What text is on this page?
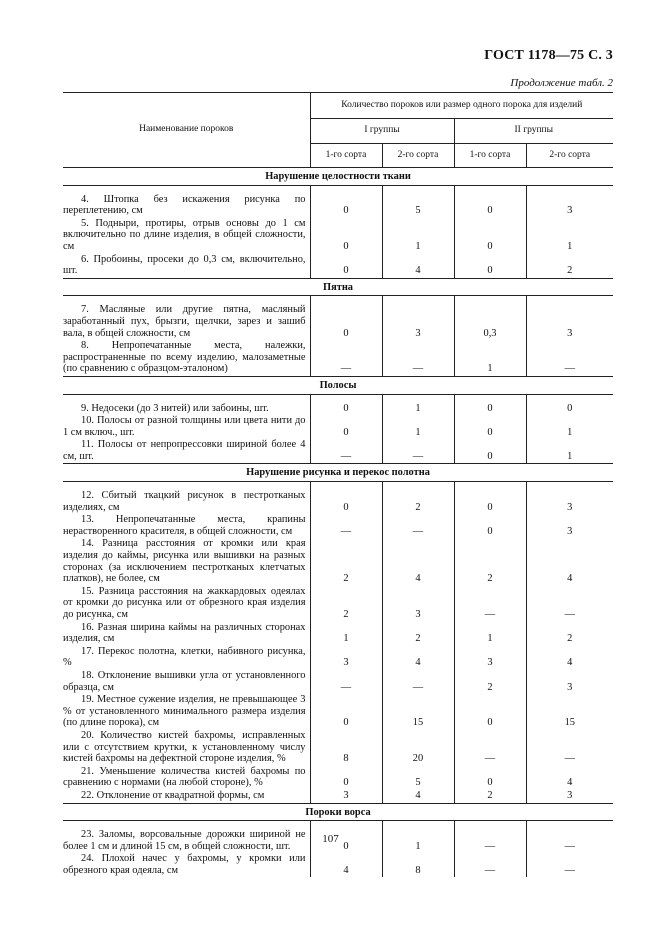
ГОСТ 1178—75 С. 3
Продолжение табл. 2
Наименование пороков	Количество пороков или размер одного порока для изделий			
	I группы		II группы	
	1-го сорта	2-го сорта	1-го сорта	2-го сорта
Нарушение целостности ткани				
4. Штопка без искажения рисунка по переплетению, см	0	5	0	3
5. Подныри, протиры, отрыв основы до 1 см включительно по длине изделия, в общей сложности, см	0	1	0	1
6. Пробоины, просеки до 0,3 см, включительно, шт.	0	4	0	2
Пятна				
7. Масляные или другие пятна, масляный заработанный пух, брызги, щелчки, зарез и зашиб вала, в общей сложности, см	0	3	0,3	3
8. Непропечатанные места, належки, распространенные по всему изделию, малозаметные (по сравнению с образцом-эталоном)	—	—	1	—
Полосы				
9. Недосеки (до 3 нитей) или забоины, шт.	0	1	0	0
10. Полосы от разной толщины или цвета нити до 1 см включ., шт.	0	1	0	1
11. Полосы от непропрессовки шириной более 4 см, шт.	—	—	0	1
Нарушение рисунка и перекос полотна				
12. Сбитый ткацкий рисунок в пестротканых изделиях, см	0	2	0	3
13. Непропечатанные места, крапины нерастворенного красителя, в общей сложности, см	—	—	0	3
14. Разница расстояния от кромки или края изделия до каймы, рисунка или вышивки на разных сторонах (за исключением пестротканых клетчатых платков), не более, см	2	4	2	4
15. Разница расстояния на жаккардовых одеялах от кромки до рисунка или от обрезного края изделия до рисунка, см	2	3	—	—
16. Разная ширина каймы на различных сторонах изделия, см	1	2	1	2
17. Перекос полотна, клетки, набивного рисунка, %	3	4	3	4
18. Отклонение вышивки угла от установленного образца, см	—	—	2	3
19. Местное сужение изделия, не превышающее 3 % от установленного минимального размера изделия (по длине порока), см	0	15	0	15
20. Количество кистей бахромы, исправленных или с отсутствием крутки, к установленному числу кистей бахромы на дефектной стороне изделия, %	8	20	—	—
21. Уменьшение количества кистей бахромы по сравнению с нормами (на любой стороне), %	0	5	0	4
22. Отклонение от квадратной формы, см	3	4	2	3
Пороки ворса				
23. Заломы, ворсовальные дорожки шириной не более 1 см и длиной 15 см, в общей сложности, шт.	0	1	—	—
24. Плохой начес у бахромы, у кромки или обрезного края одеяла, см	4	8	—	—
107
